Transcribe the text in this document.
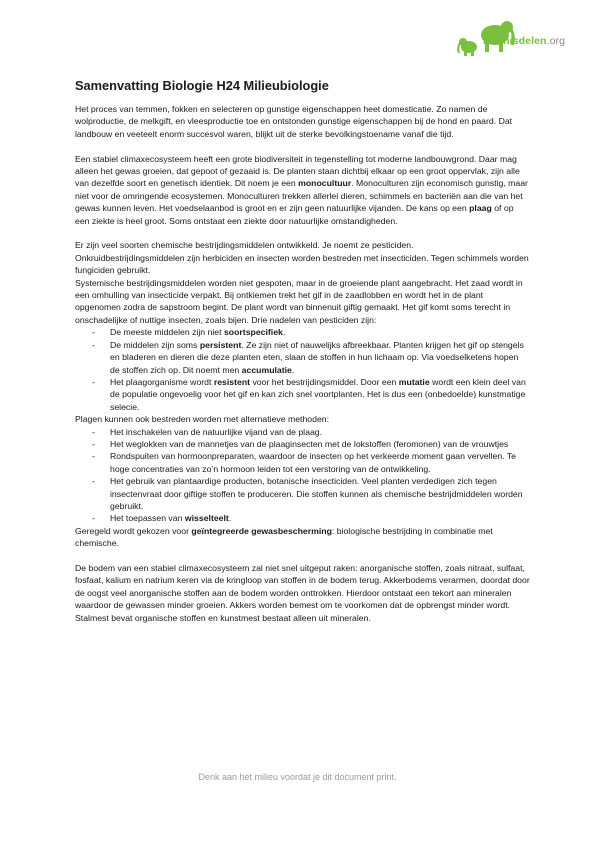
Kennisdelen.org
Samenvatting Biologie H24 Milieubiologie

Het proces van temmen, fokken en selecteren op gunstige eigenschappen heet domesticatie. Zo namen de wolproductie, de melkgift, en vleesproductie toe en ontstonden gunstige eigenschappen bij de hond en paard. Dat landbouw en veeteelt enorm succesvol waren, blijkt uit de sterke bevolkingstoename vanaf die tijd.

Een stabiel climaxecosysteem heeft een grote biodiversiteit in tegenstelling tot moderne landbouwgrond. Daar mag alleen het gewas groeien, dat gepoot of gezaaid is. De planten staan dichtbij elkaar op een groot oppervlak, zijn alle van dezelfde soort en genetisch identiek. Dit noem je een monocultuur. Monoculturen zijn economisch gunstig, maar niet voor de omringende ecosystemen. Monoculturen trekken allerlei dieren, schimmels en bacteriën aan die van het gewas kunnen leven. Het voedselaanbod is groot en er zijn geen natuurlijke vijanden. De kans op een plaag of op een ziekte is heel groot. Soms ontstaat een ziekte door natuurlijke omstandigheden.

Er zijn veel soorten chemische bestrijdingsmiddelen ontwikkeld. Je noemt ze pesticiden.

Onkruidbestrijdingsmiddelen zijn herbiciden en insecten worden bestreden met insecticiden. Tegen schimmels worden fungiciden gebruikt.

Systemische bestrijdingsmiddelen worden niet gespoten, maar in de groeiende plant aangebracht. Het zaad wordt in een omhulling van insecticide verpakt. Bij ontkiemen trekt het gif in de zaadlobben en wordt het in de plant opgenomen zodra de sapstroom begint. De plant wordt van binnenuit giftig gemaakt. Het gif komt soms terecht in onschadelijke of nuttige insecten, zoals bijen. Drie nadelen van pesticiden zijn:

- De meeste middelen zijn niet soortspecifiek.
- De middelen zijn soms persistent. Ze zijn niet of nauwelijks afbreekbaar. Planten krijgen het gif op stengels en bladeren en dieren die deze planten eten, slaan de stoffen in hun lichaam op. Via voedselketens hopen de stoffen zich op. Dit noemt men accumulatie.
- Het plaagorganisme wordt resistent voor het bestrijdingsmiddel. Door een mutatie wordt een klein deel van de populatie ongevoelig voor het gif en kan zich snel voortplanten. Het is dus een (onbedoelde) kunstmatige selecie.

Plagen kunnen ook bestreden worden met alternatieve methoden:

- Het inschakelen van de natuurlijke vijand van de plaag.
- Het weglokken van de mannetjes van de plaaginsecten met de lokstoffen (feromonen) van de vrouwtjes
- Rondspuiten van hormoonpreparaten, waardoor de insecten op het verkeerde moment gaan vervellen. Te hoge concentraties van zo’n hormoon leiden tot een verstoring van de ontwikkeling.
- Het gebruik van plantaardige producten, botanische insecticiden. Veel planten verdedigen zich tegen insectenvraat door giftige stoffen te produceren. Die stoffen kunnen als chemische bestrijdmiddelen worden gebruikt.
- Het toepassen van wisselteelt.

Geregeld wordt gekozen voor geïntegreerde gewasbescherming: biologische bestrijding in combinatie met chemische.

De bodem van een stabiel climaxecosysteem zal niet snel uitgeput raken: anorganische stoffen, zoals nitraat, sulfaat, fosfaat, kalium en natrium keren via de kringloop van stoffen in de bodem terug. Akkerbodems verarmen, doordat door de oogst veel anorganische stoffen aan de bodem worden onttrokken. Hierdoor ontstaat een tekort aan mineralen waardoor de gewassen minder groeien. Akkers worden bemest om te voorkomen dat de opbrengst minder wordt. Stalmest bevat organische stoffen en kunstmest bestaat alleen uit mineralen.

Denk aan het milieu voordat je dit document print.
